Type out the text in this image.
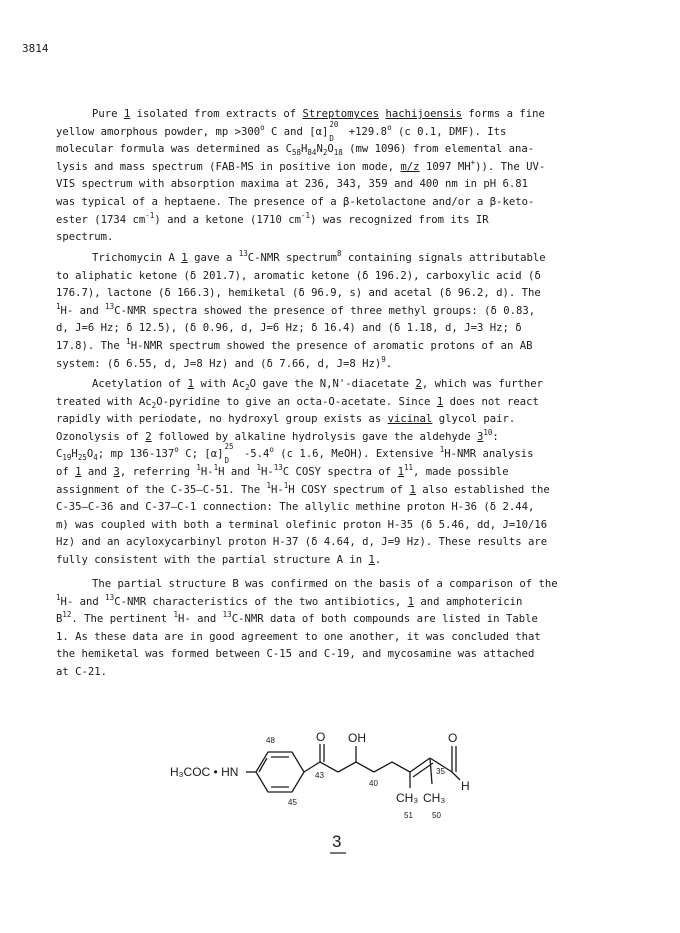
3814
Pure 1 isolated from extracts of Streptomyces hachijoensis forms a fine
yellow amorphous powder, mp $>300^o$ C and [α]
20
D
$+129.8^o$ (c 0.1, DMF). Its
molecular formula was determined as $C_{58}H_{84}N_2O_{18}$ (mw 1096) from elemental ana-
lysis and mass spectrum (FAB-MS in positive ion mode, m/z 1097 MH+)). The UV-
VIS spectrum with absorption maxima at 236, 343, 359 and 400 nm in pH 6.81
was typical of a heptaene. The presence of a β-ketolactone and/or a β-keto-
ester (1734 $cm^{-1}$) and a ketone (1710 $cm^{-1}$) was recognized from its IR
spectrum.
Trichomycin A 1 gave a $^{13}$C-NMR spectrum$^8$ containing signals attributable
to aliphatic ketone (δ 201.7), aromatic ketone (δ 196.2), carboxylic acid (δ
176.7), lactone (δ 166.3), hemiketal (δ 96.9, s) and acetal (δ 96.2, d). The
$^1$H- and $^{13}$C-NMR spectra showed the presence of three methyl groups: (δ 0.83,
d, J=6 Hz; δ 12.5), (δ 0.96, d, J=6 Hz; δ 16.4) and (δ 1.18, d, J=3 Hz; δ
17.8). The $^1$H-NMR spectrum showed the presence of aromatic protons of an AB
system: (δ 6.55, d, J=8 Hz) and (δ 7.66, d, J=8 Hz)$^9$.
Acetylation of 1 with $Ac_2O$ gave the N,N'-diacetate 2, which was further
treated with $Ac_2O$-pyridine to give an octa-O-acetate. Since 1 does not react
rapidly with periodate, no hydroxyl group exists as vicinal glycol pair.
Ozonolysis of 2 followed by alkaline hydrolysis gave the aldehyde $3^{10}$:
$C_{19}H_{25}O_4$; mp 136-137$^o$ C; [α]
25
D
-5.4$^o$ (c 1.6, MeOH). Extensive $^1$H-NMR analysis
of 1 and 3, referring $^1$H-$^1$H and $^1$H-$^{13}$C COSY spectra of $1^{11}$, made possible
assignment of the C-35—C-51. The $^1$H-$^1$H COSY spectrum of 1 also established the
C-35—C-36 and C-37—C-1 connection: The allylic methine proton H-36 (δ 2.44,
m) was coupled with both a terminal olefinic proton H-35 (δ 5.46, dd, J=10/16
Hz) and an acyloxycarbinyl proton H-37 (δ 4.64, d, J=9 Hz). These results are
fully consistent with the partial structure A in 1.
The partial structure B was confirmed on the basis of a comparison of the
$^1$H- and $^{13}$C-NMR characteristics of the two antibiotics, 1 and amphotericin
$B^{12}$. The pertinent $^1$H- and $^{13}$C-NMR data of both compounds are listed in Table
1. As these data are in good agreement to one another, it was concluded that
the hemiketal was formed between C-15 and C-19, and mycosamine was attached
at C-21.
H₃COC • HN
OH
O	O
H
CH₃ CH₃
48
43
45
40
35
51 50
3
